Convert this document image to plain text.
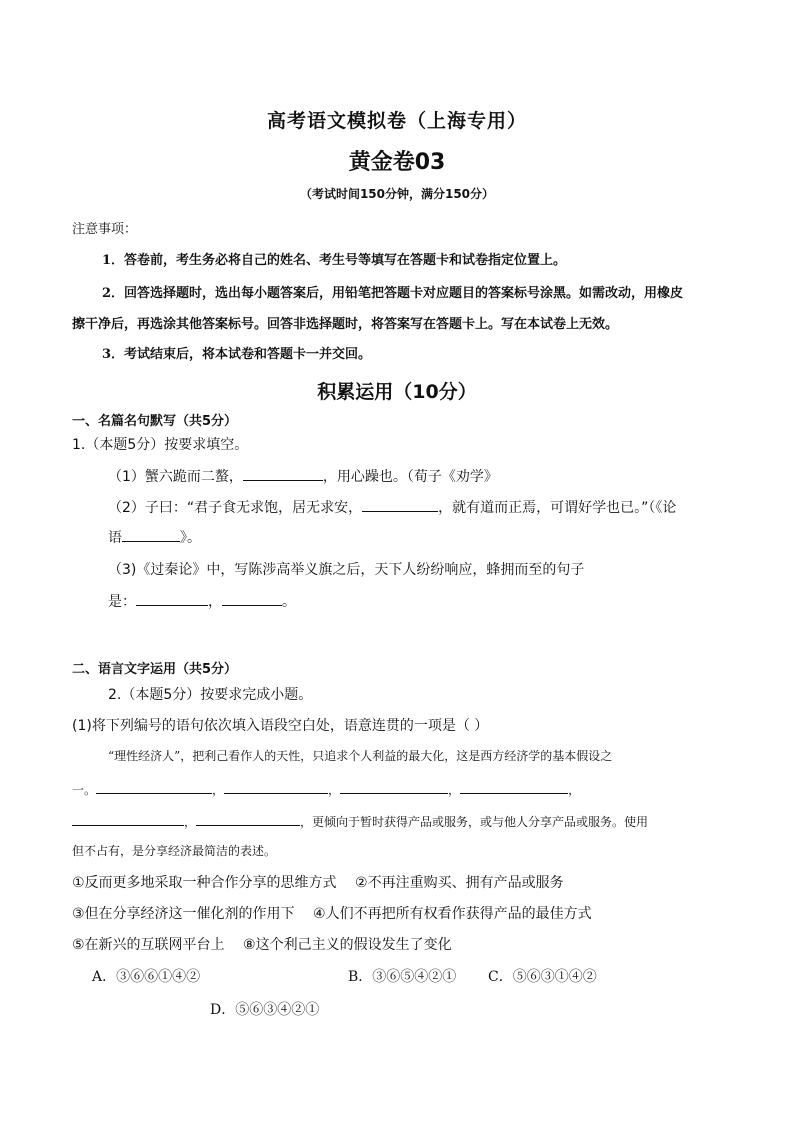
高考语文模拟卷（上海专用）
黄金卷03
（考试时间150分钟，满分150分）
注意事项：
1．答卷前，考生务必将自己的姓名、考生号等填写在答题卡和试卷指定位置上。
2．回答选择题时，选出每小题答案后，用铅笔把答题卡对应题目的答案标号涂黑。如需改动，用橡皮
擦干净后，再选涂其他答案标号。回答非选择题时，将答案写在答题卡上。写在本试卷上无效。
3．考试结束后，将本试卷和答题卡一并交回。
积累运用（10分）
一、名篇名句默写（共5分）
1.（本题5分）按要求填空。
（1）蟹六跪而二螯，	，用心躁也。（荀子《劝学》
（2）子曰：“君子食无求饱，居无求安，	，就有道而正焉，可谓好学也已。”（《论
语	》。
（3)《过秦论》中，写陈涉高举义旗之后，天下人纷纷响应，蜂拥而至的句子
是：	，	。
二、语言文字运用（共5分）
2.（本题5分）按要求完成小题。
(1)将下列编号的语句依次填入语段空白处，语意连贯的一项是（ ）
“理性经济人”，把利己看作人的天性，只追求个人利益的最大化，这是西方经济学的基本假设之
一。	，	，	，	，
，	，更倾向于暂时获得产品或服务，或与他人分享产品或服务。使用
但不占有，是分享经济最简洁的表述。
①反而更多地采取一种合作分享的思维方式 ②不再注重购买、拥有产品或服务
③但在分享经济这一催化剂的作用下 ④人们不再把所有权看作获得产品的最佳方式
⑤在新兴的互联网平台上 ⑧这个利己主义的假设发生了变化
A．③⑥⑥①④②	B．③⑥⑤④②① C．⑤⑥③①④②
D．⑤⑥③④②①
